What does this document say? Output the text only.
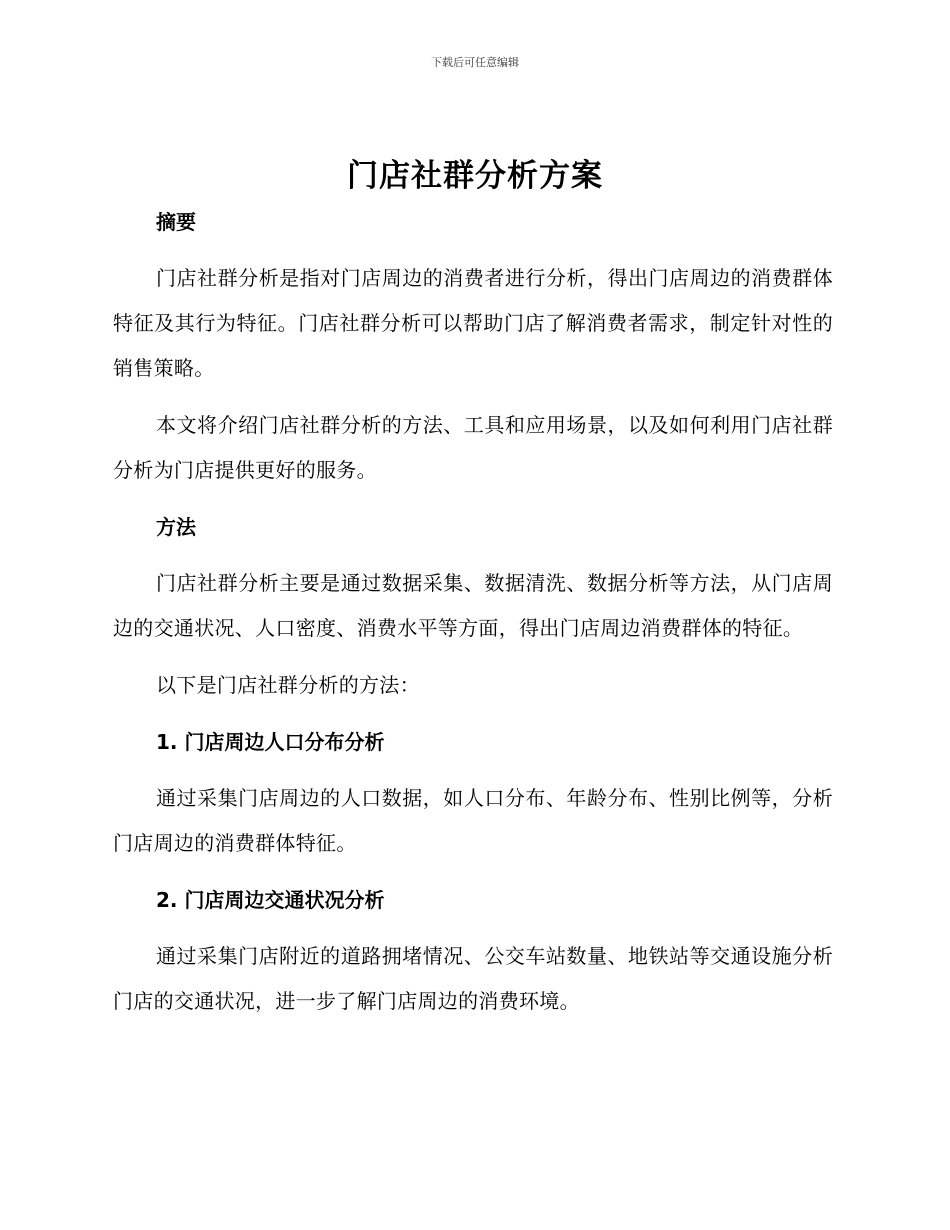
下载后可任意编辑
门店社群分析方案

摘要

门店社群分析是指对门店周边的消费者进行分析，得出门店周边的消费群体特征及其行为特征。门店社群分析可以帮助门店了解消费者需求，制定针对性的销售策略。

本文将介绍门店社群分析的方法、工具和应用场景，以及如何利用门店社群分析为门店提供更好的服务。

方法

门店社群分析主要是通过数据采集、数据清洗、数据分析等方法，从门店周边的交通状况、人口密度、消费水平等方面，得出门店周边消费群体的特征。

以下是门店社群分析的方法：

1. 门店周边人口分布分析

通过采集门店周边的人口数据，如人口分布、年龄分布、性别比例等，分析门店周边的消费群体特征。

2. 门店周边交通状况分析

通过采集门店附近的道路拥堵情况、公交车站数量、地铁站等交通设施分析门店的交通状况，进一步了解门店周边的消费环境。
